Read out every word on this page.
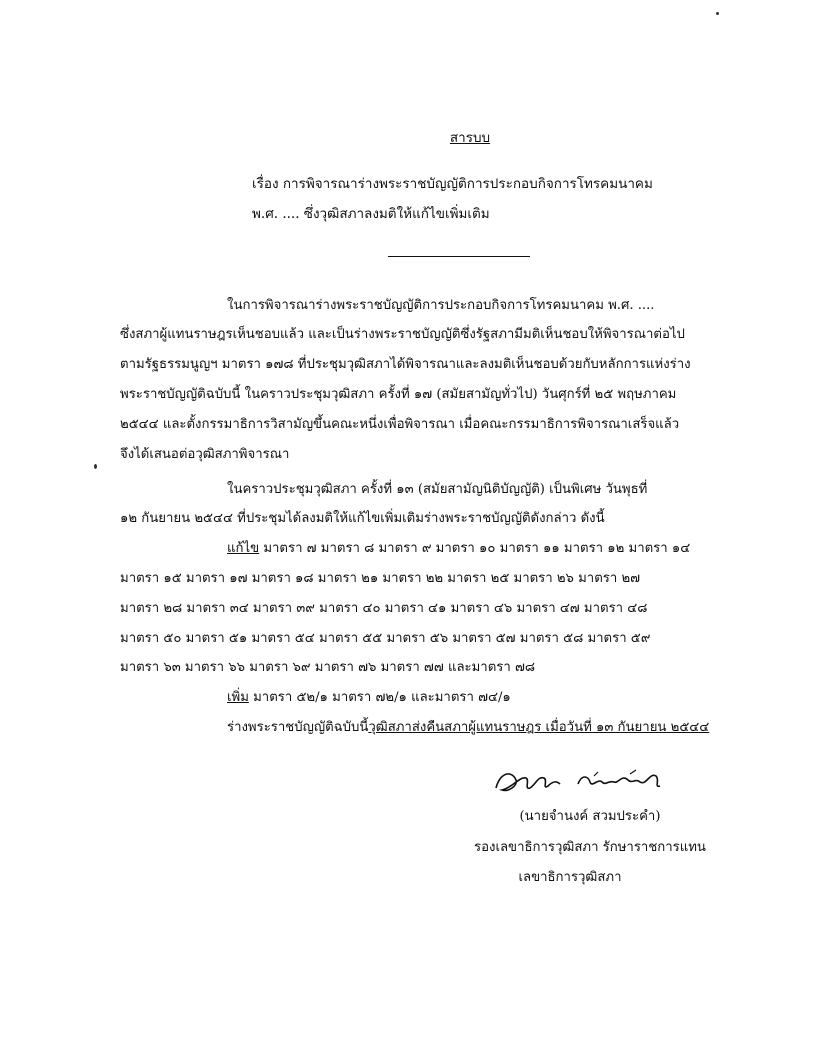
สารบบ
เรื่อง การพิจารณาร่างพระราชบัญญัติการประกอบกิจการโทรคมนาคม
พ.ศ. .... ซึ่งวุฒิสภาลงมติให้แก้ไขเพิ่มเติม
ในการพิจารณาร่างพระราชบัญญัติการประกอบกิจการโทรคมนาคม พ.ศ. ....
ซึ่งสภาผู้แทนราษฎรเห็นชอบแล้ว และเป็นร่างพระราชบัญญัติซึ่งรัฐสภามีมติเห็นชอบให้พิจารณาต่อไป
ตามรัฐธรรมนูญฯ มาตรา ๑๗๘ ที่ประชุมวุฒิสภาได้พิจารณาและลงมติเห็นชอบด้วยกับหลักการแห่งร่าง
พระราชบัญญัติฉบับนี้ ในคราวประชุมวุฒิสภา ครั้งที่ ๑๗ (สมัยสามัญทั่วไป) วันศุกร์ที่ ๒๕ พฤษภาคม
๒๕๔๔ และตั้งกรรมาธิการวิสามัญขึ้นคณะหนึ่งเพื่อพิจารณา เมื่อคณะกรรมาธิการพิจารณาเสร็จแล้ว
จึงได้เสนอต่อวุฒิสภาพิจารณา
ในคราวประชุมวุฒิสภา ครั้งที่ ๑๓ (สมัยสามัญนิติบัญญัติ) เป็นพิเศษ วันพุธที่
๑๒ กันยายน ๒๕๔๔ ที่ประชุมได้ลงมติให้แก้ไขเพิ่มเติมร่างพระราชบัญญัติดังกล่าว ดังนี้
แก้ไข มาตรา ๗ มาตรา ๘ มาตรา ๙ มาตรา ๑๐ มาตรา ๑๑ มาตรา ๑๒ มาตรา ๑๔
มาตรา ๑๕ มาตรา ๑๗ มาตรา ๑๘ มาตรา ๒๑ มาตรา ๒๒ มาตรา ๒๕ มาตรา ๒๖ มาตรา ๒๗
มาตรา ๒๘ มาตรา ๓๔ มาตรา ๓๙ มาตรา ๔๐ มาตรา ๔๑ มาตรา ๔๖ มาตรา ๔๗ มาตรา ๔๘
มาตรา ๕๐ มาตรา ๕๑ มาตรา ๕๔ มาตรา ๕๕ มาตรา ๕๖ มาตรา ๕๗ มาตรา ๕๘ มาตรา ๕๙
มาตรา ๖๓ มาตรา ๖๖ มาตรา ๖๙ มาตรา ๗๖ มาตรา ๗๗ และมาตรา ๗๘
เพิ่ม มาตรา ๕๒/๑ มาตรา ๗๒/๑ และมาตรา ๗๔/๑
ร่างพระราชบัญญัติฉบับนี้วุฒิสภาส่งคืนสภาผู้แทนราษฎร เมื่อวันที่ ๑๓ กันยายน ๒๕๔๔
(นายจำนงค์ สวมประคำ)
รองเลขาธิการวุฒิสภา รักษาราชการแทน
เลขาธิการวุฒิสภา
